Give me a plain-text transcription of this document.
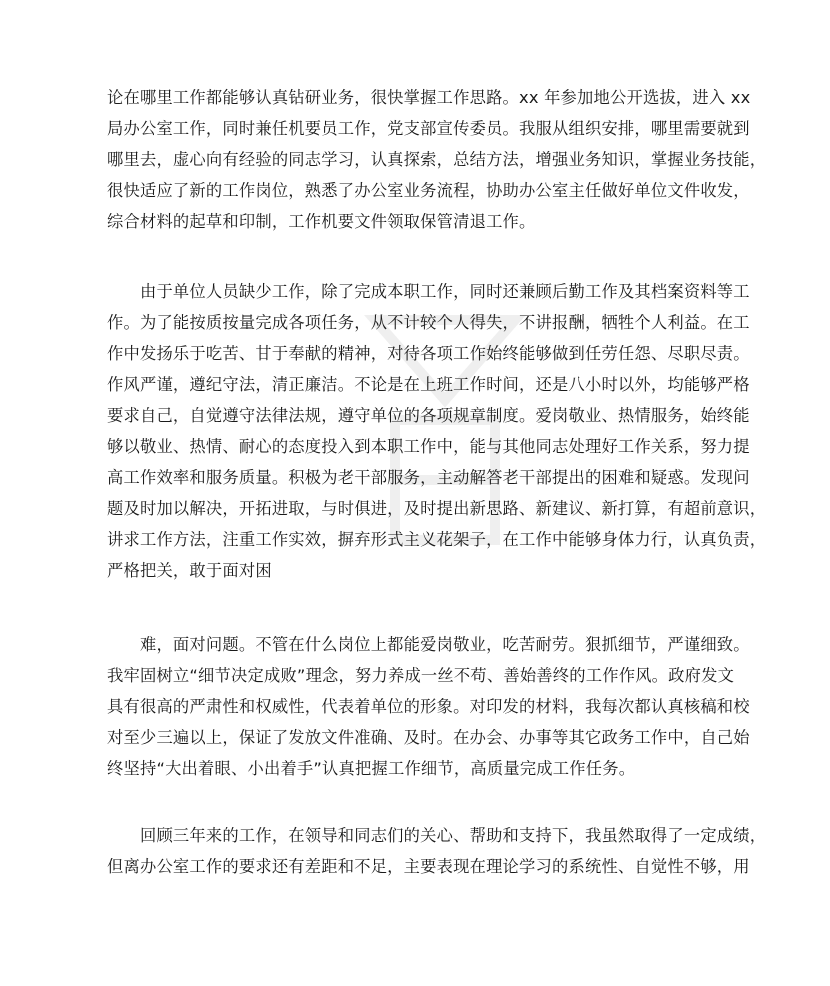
论在哪里工作都能够认真钻研业务，很快掌握工作思路。xx 年参加地公开选拔，进入 xx
局办公室工作，同时兼任机要员工作，党支部宣传委员。我服从组织安排，哪里需要就到
哪里去，虚心向有经验的同志学习，认真探索，总结方法，增强业务知识，掌握业务技能，
很快适应了新的工作岗位，熟悉了办公室业务流程，协助办公室主任做好单位文件收发，
综合材料的起草和印制，工作机要文件领取保管清退工作。
　　由于单位人员缺少工作，除了完成本职工作，同时还兼顾后勤工作及其档案资料等工
作。为了能按质按量完成各项任务，从不计较个人得失，不讲报酬，牺牲个人利益。在工
作中发扬乐于吃苦、甘于奉献的精神，对待各项工作始终能够做到任劳任怨、尽职尽责。
作风严谨，遵纪守法，清正廉洁。不论是在上班工作时间，还是八小时以外，均能够严格
要求自己，自觉遵守法律法规，遵守单位的各项规章制度。爱岗敬业、热情服务，始终能
够以敬业、热情、耐心的态度投入到本职工作中，能与其他同志处理好工作关系，努力提
高工作效率和服务质量。积极为老干部服务，主动解答老干部提出的困难和疑惑。发现问
题及时加以解决，开拓进取，与时俱进，及时提出新思路、新建议、新打算，有超前意识，
讲求工作方法，注重工作实效，摒弃形式主义花架子，在工作中能够身体力行，认真负责，
严格把关，敢于面对困
　　难，面对问题。不管在什么岗位上都能爱岗敬业，吃苦耐劳。狠抓细节，严谨细致。
我牢固树立“细节决定成败”理念，努力养成一丝不苟、善始善终的工作作风。政府发文
具有很高的严肃性和权威性，代表着单位的形象。对印发的材料，我每次都认真核稿和校
对至少三遍以上，保证了发放文件准确、及时。在办会、办事等其它政务工作中，自己始
终坚持“大出着眼、小出着手”认真把握工作细节，高质量完成工作任务。
　　回顾三年来的工作，在领导和同志们的关心、帮助和支持下，我虽然取得了一定成绩，
但离办公室工作的要求还有差距和不足，主要表现在理论学习的系统性、自觉性不够，用
